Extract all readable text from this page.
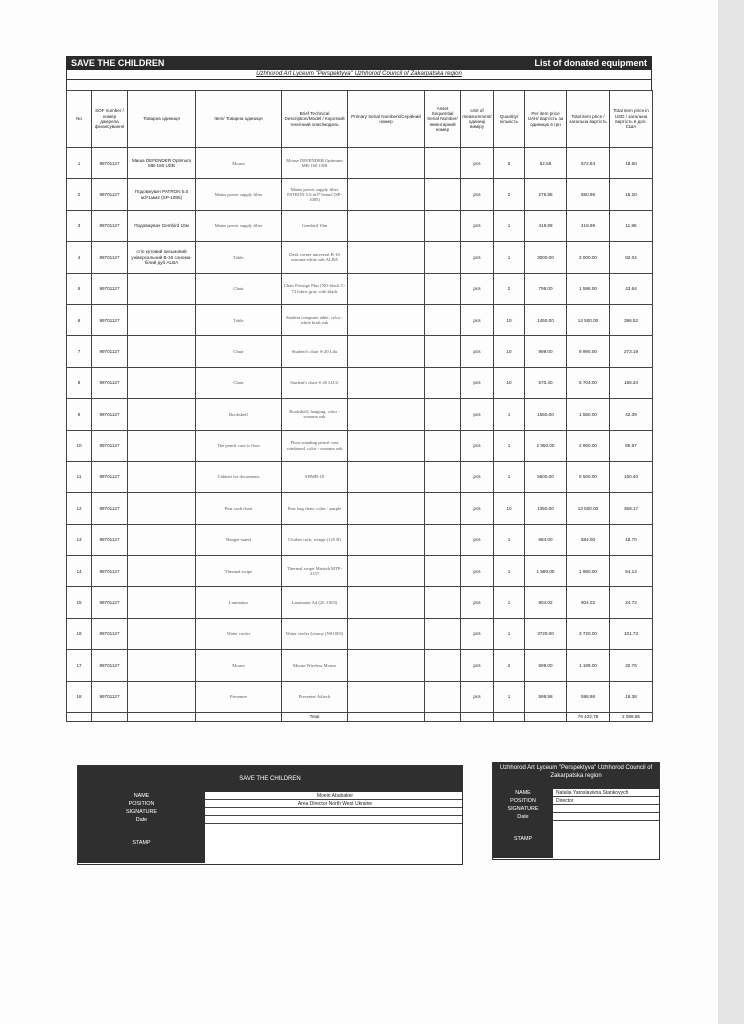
SAVE THE CHILDREN	List of donated equipment
Uzhhorod Art Lyceum "Perspektyva" Uzhhorod Council of Zakarpatska region
No	SOF number / номер джерела фінансування	Товарна одиниця	Item/ Товарна одиниця	Brief Technical Description/Model / Короткий технічний опис/модель	Primary Serial Numbers/Серійний номер	Asset Sequential Serial Number/ Інвентарний номер	Unit of measurement/ одиниці виміру	Quantity/ кількість	Per item price UAH/ вартість за одиницю в грн	Total item price / загальна вартість	Total item price in USD / загальна вартість в дол. США
1	99701127	Миша DEFENDER Optimum MB-160 USB	Mouse	Mouse DEFENDER Optimum MB-160 USB			pcs	5	52.56	672.84	18.60
2	99701127	Подовжувач PATRON 5.0 м3*1мм2 (SP-1085)	Mains power supply filter	Mains power supply filter PATRON 5.0 m3*1mm2 (SP-1085)			pcs	2	275.98	550.96	15.20
3	99701127	Подовжувач Gembird 10м	Mains power supply filter	Gembird 10m			pcs	1	418.98	418.98	11.86
4	99701127	стіл кутовий письмовий універсальний В-16 сонома-білий дуб ALBA	Table	Desk corner universal B-16 sonoma-white oak ALBA			pcs	1	3000.00	3 000.00	82.04
5	99701127		Chair	Chair Prestige Plus (NO black C-73 fabric gray with black			pcs	2	798.00	1 596.00	43.64
6	99701127		Table	Student computer table, color - white kraft oak			pcs	10	1450.00	14 500.00	396.52
7	99701127		Chair	Student's chair S-20 Lilu			pcs	10	999.00	9 990.00	273.19
8	99701127		Chair	Student's chair S-20 LILU			pcs	10	570.40	5 704.00	156.34
9	99701127		Bookshelf	Bookshelf, hanging, color - sonoma oak			pcs	1	1550.00	1 550.00	42.39
10	99701127		The pencil case is floor	Floor standing pencil case combined, color - sonoma oak			pcs	1	2 950.00	2 950.00	80.67
11	99701127		Cabinet for documents	SHMB-18			pcs	1	5500.00	5 500.00	150.40
12	99701127		Pear sack chair	Pear bag chair, color - purple			pcs	10	1350.00	13 500.00	369.17
13	99701127		Hanger-stand	Clothes rack, wenge (125 B)			pcs	1	684.00	684.00	18.70
14	99701127		Thermal swipe	Thermal swipe Mirsteh MTP-2157			pcs	1	1 980.00	1 980.00	54.14
15	99701127		Laminator	Laminator A4 (2L-1003)			pcs	1	904.02	904.02	24.72
16	99701127		Water cooler	Water cooler Lesnoy (NS1003)			pcs	1	3720.00	3 720.00	101.73
17	99701127		Mouse	Mouse Wireless Mouse			pcs	2	599.00	1 198.00	32.76
18	99701127		Presenter	Presenter A4tech			pcs	1	598.98	598.98	16.38
				Total						76 422.78	2 089.85
SAVE THE CHILDREN
NAME	Moein Abubaker
POSITION	Area Director North West Ukraine
SIGNATURE
Date
STAMP
Uzhhorod Art Lyceum "Perspektyva" Uzhhorod Council of Zakarpatska region
NAME	Natalia Yaroslavivna Stankovych
POSITION	Director
SIGNATURE
Date
STAMP
